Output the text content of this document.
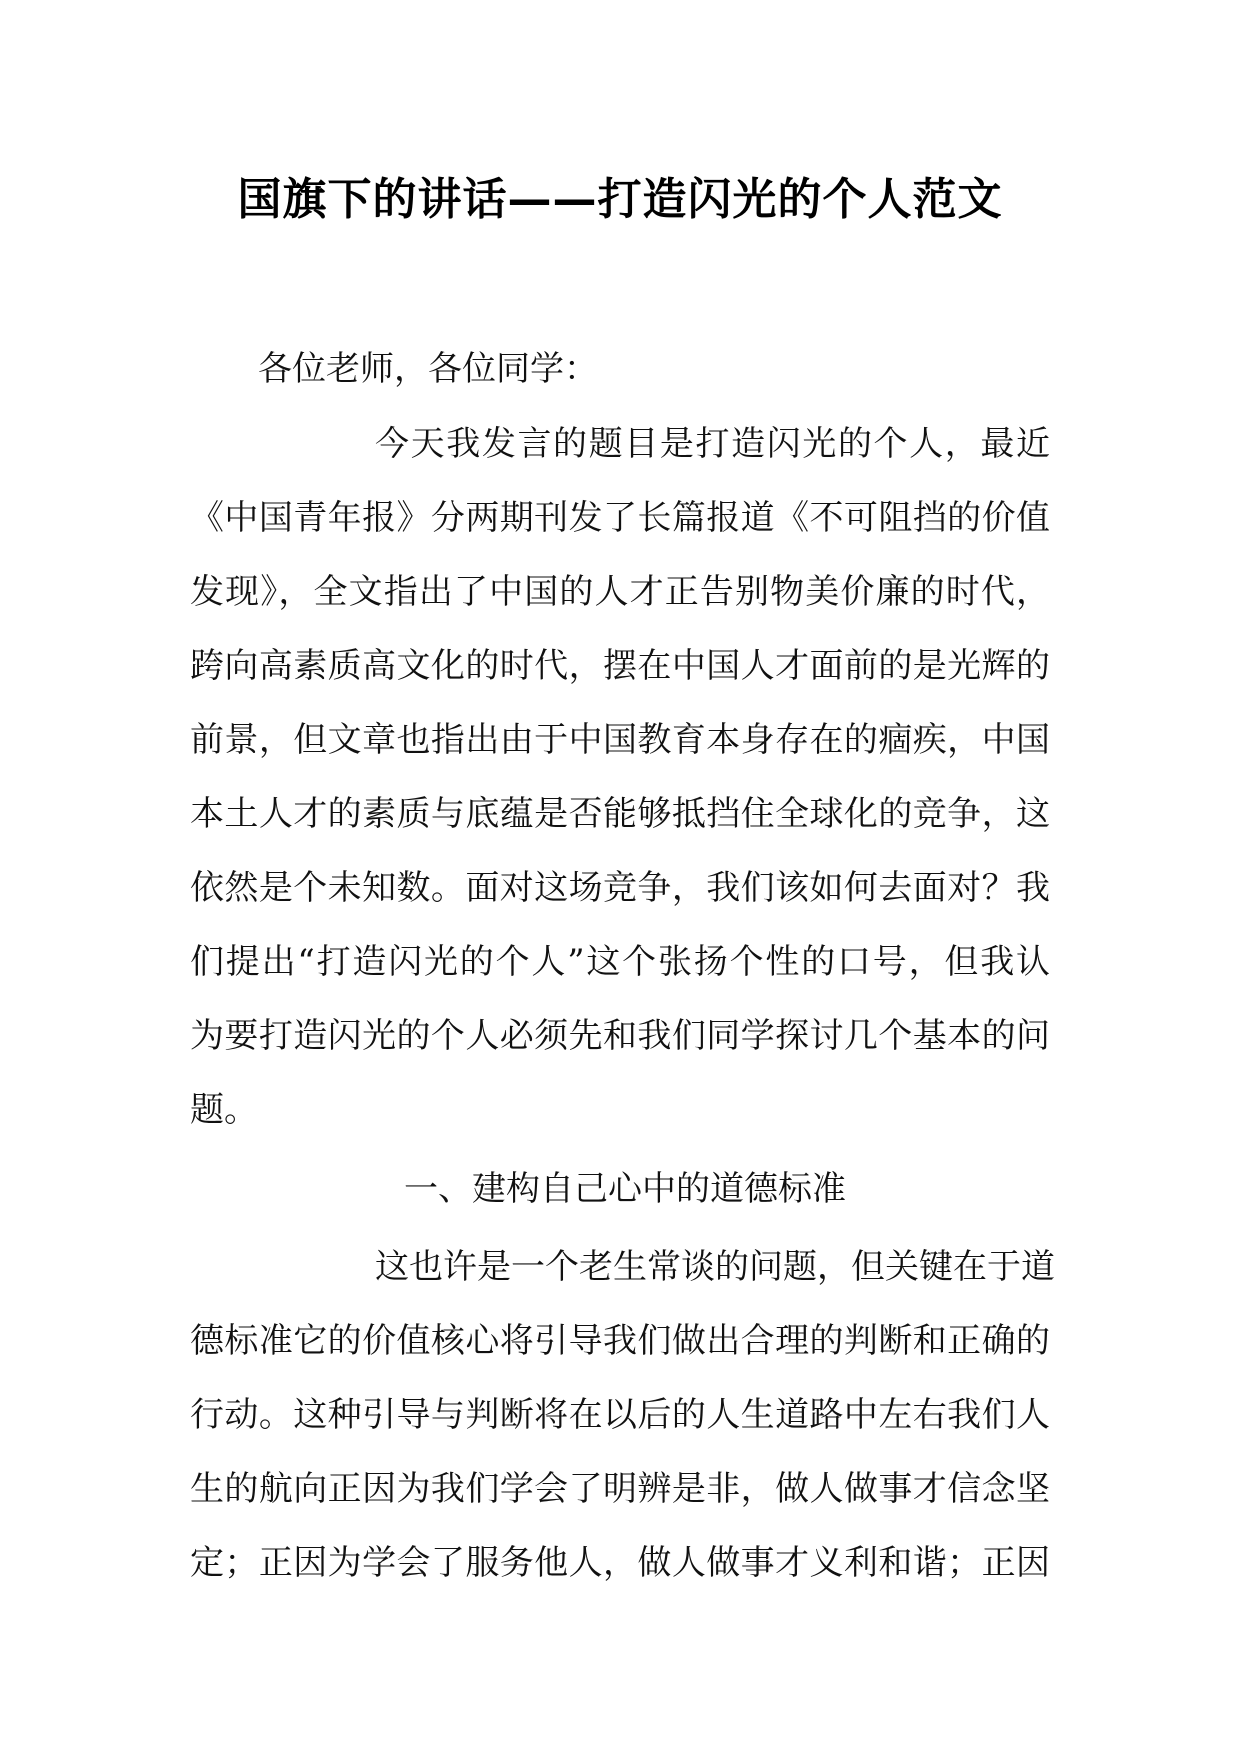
国旗下的讲话——打造闪光的个人范文
各位老师，各位同学：
今天我发言的题目是打造闪光的个人，最近
《中国青年报》分两期刊发了长篇报道《不可阻挡的价值
发现》，全文指出了中国的人才正告别物美价廉的时代，
跨向高素质高文化的时代，摆在中国人才面前的是光辉的
前景，但文章也指出由于中国教育本身存在的痼疾，中国
本土人才的素质与底蕴是否能够抵挡住全球化的竞争，这
依然是个未知数。面对这场竞争，我们该如何去面对？我
们提出“打造闪光的个人”这个张扬个性的口号，但我认
为要打造闪光的个人必须先和我们同学探讨几个基本的问
题。
一、建构自己心中的道德标准
这也许是一个老生常谈的问题，但关键在于道
德标准它的价值核心将引导我们做出合理的判断和正确的
行动。这种引导与判断将在以后的人生道路中左右我们人
生的航向正因为我们学会了明辨是非，做人做事才信念坚
定；正因为学会了服务他人，做人做事才义利和谐；正因
